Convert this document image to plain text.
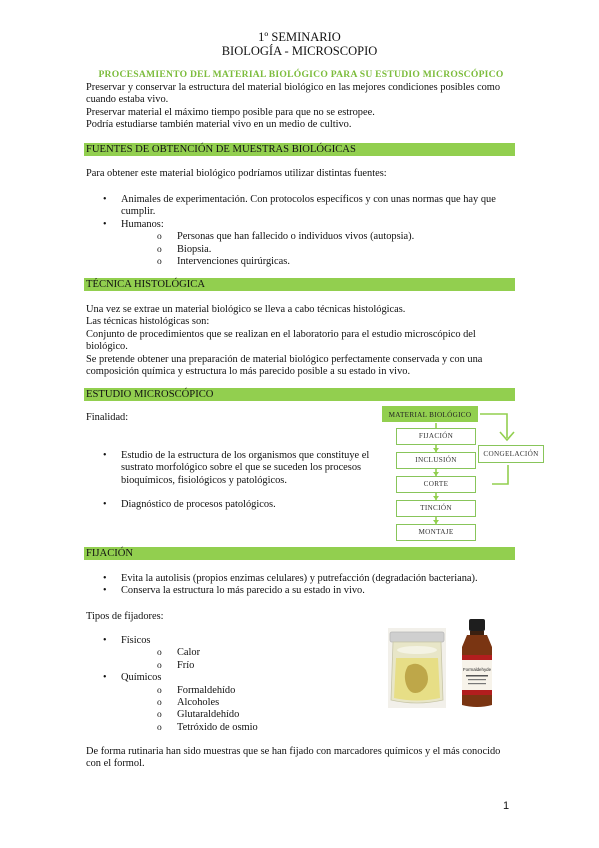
1º SEMINARIO
BIOLOGÍA - MICROSCOPIO
PROCESAMIENTO DEL MATERIAL BIOLÓGICO PARA SU ESTUDIO MICROSCÓPICO

Preservar y conservar la estructura del material biológico en las mejores condiciones posibles como cuando estaba vivo.

Preservar material el máximo tiempo posible para que no se estropee.

Podría estudiarse también material vivo en un medio de cultivo.

FUENTES DE OBTENCIÓN DE MUESTRAS BIOLÓGICAS
Para obtener este material biológico podríamos utilizar distintas fuentes:
• Animales de experimentación. Con protocolos específicos y con unas normas que hay que cumplir.
• Humanos:
o Personas que han fallecido o individuos vivos (autopsia).
o Biopsia.
o Intervenciones quirúrgicas.
TÉCNICA HISTOLÓGICA

Una vez se extrae un material biológico se lleva a cabo técnicas histológicas.

Las técnicas histológicas son:

Conjunto de procedimientos que se realizan en el laboratorio para el estudio microscópico del biológico.

Se pretende obtener una preparación de material biológico perfectamente conservada y con una composición química y estructura lo más parecido posible a su estado in vivo.

ESTUDIO MICROSCÓPICO
Finalidad:
• Estudio de la estructura de los organismos que constituye el sustrato morfológico sobre el que se suceden los procesos bioquímicos, fisiológicos y patológicos.
• Diagnóstico de procesos patológicos.
MATERIAL BIOLÓGICO
FIJACIÓN
INCLUSIÓN
CORTE
TINCIÓN
MONTAJE
CONGELACIÓN
FIJACIÓN
• Evita la autolisis (propios enzimas celulares) y putrefacción (degradación bacteriana).
• Conserva la estructura lo más parecido a su estado in vivo.
Tipos de fijadores:
• Físicos
o Calor
o Frío
• Químicos
o Formaldehído
o Alcoholes
o Glutaraldehído
o Tetróxido de osmio
Formaldehyde
De forma rutinaria han sido muestras que se han fijado con marcadores químicos y el más conocido con el formol.
1
